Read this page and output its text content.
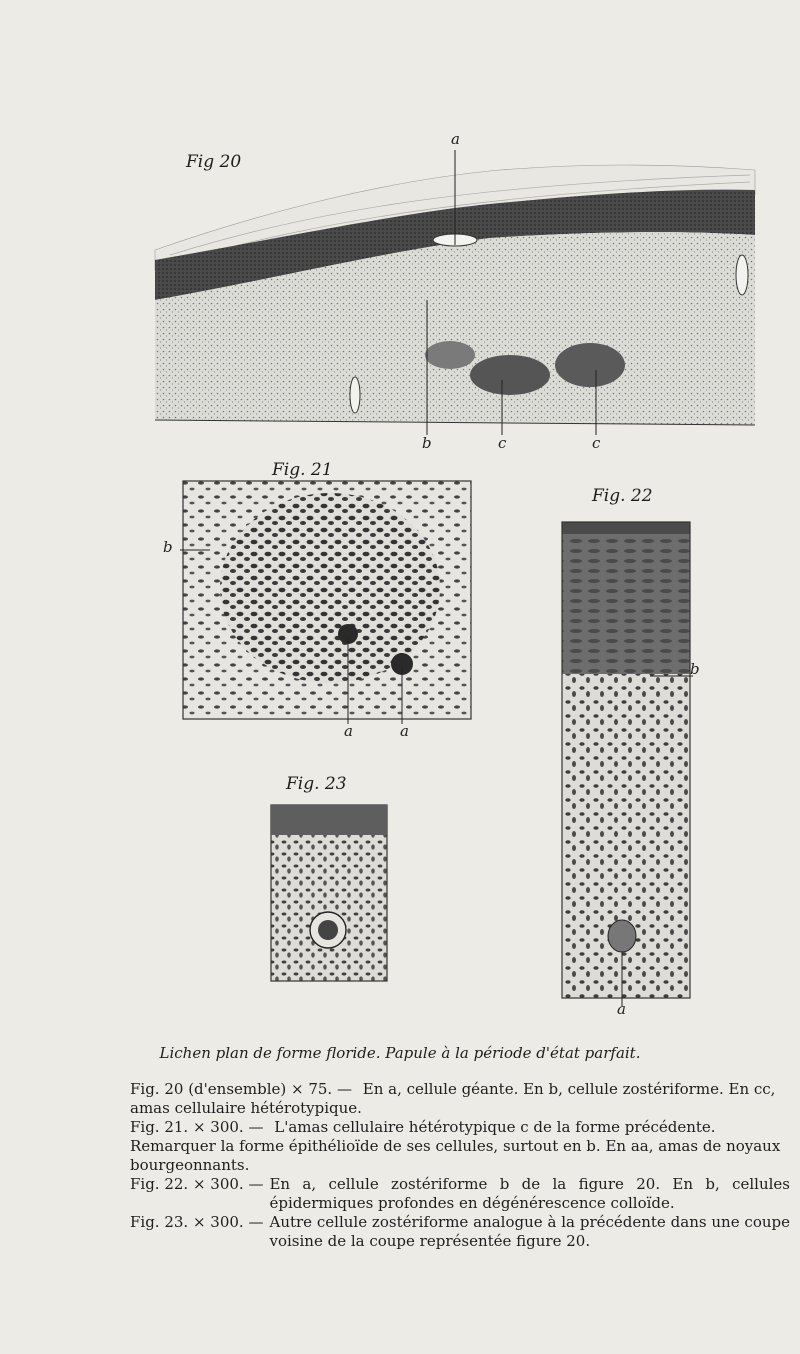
Fig 20
a
b	c	c
Fig. 21
b
a	a
Fig. 22
b
a
Fig. 23
Lichen plan de forme floride. Papule à la période d'état parfait.
Fig. 20 (d'ensemble) × 75. — En a, cellule géante. En b, cellule zostériforme. En cc, amas cellulaire hétérotypique.
Fig. 21. × 300. — L'amas cellulaire hétérotypique c de la forme précédente. Remarquer la forme épithélioïde de ses cellules, surtout en b. En aa, amas de noyaux bourgeonnants.
Fig. 22. × 300. — En a, cellule zostériforme b de la figure 20. En b, cellules épidermiques profondes en dégénérescence colloïde.
Fig. 23. × 300. — Autre cellule zostériforme analogue à la précédente dans une coupe voisine de la coupe représentée figure 20.
